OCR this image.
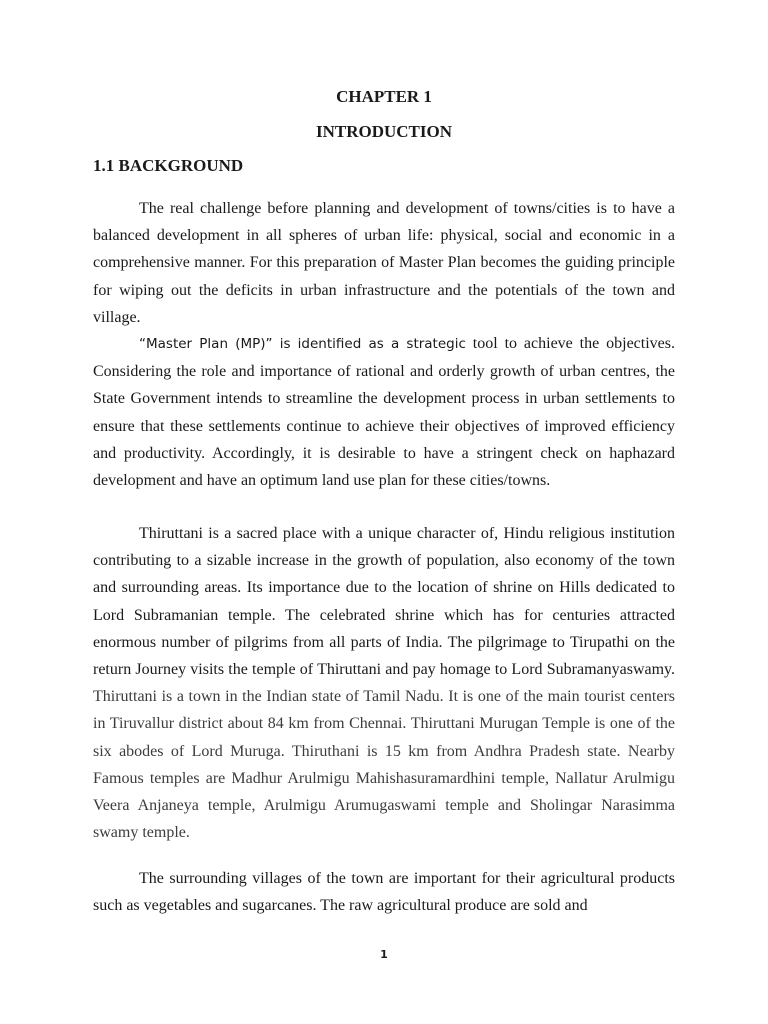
CHAPTER 1
INTRODUCTION
1.1 BACKGROUND

The real challenge before planning and development of towns/cities is to have a balanced development in all spheres of urban life: physical, social and economic in a comprehensive manner. For this preparation of Master Plan becomes the guiding principle for wiping out the deficits in urban infrastructure and the potentials of the town and village.

“Master Plan (MP)” is identified as a strategic tool to achieve the objectives. Considering the role and importance of rational and orderly growth of urban centres, the State Government intends to streamline the development process in urban settlements to ensure that these settlements continue to achieve their objectives of improved efficiency and productivity. Accordingly, it is desirable to have a stringent check on haphazard development and have an optimum land use plan for these cities/towns.

Thiruttani is a sacred place with a unique character of, Hindu religious institution contributing to a sizable increase in the growth of population, also economy of the town and surrounding areas. Its importance due to the location of shrine on Hills dedicated to Lord Subramanian temple. The celebrated shrine which has for centuries attracted enormous number of pilgrims from all parts of India. The pilgrimage to Tirupathi on the return Journey visits the temple of Thiruttani and pay homage to Lord Subramanyaswamy. Thiruttani is a town in the Indian state of Tamil Nadu. It is one of the main tourist centers in Tiruvallur district about 84 km from Chennai. Thiruttani Murugan Temple is one of the six abodes of Lord Muruga. Thiruthani is 15 km from Andhra Pradesh state. Nearby Famous temples are Madhur Arulmigu Mahishasuramardhini temple, Nallatur Arulmigu Veera Anjaneya temple, Arulmigu Arumugaswami temple and Sholingar Narasimma swamy temple.

The surrounding villages of the town are important for their agricultural products such as vegetables and sugarcanes. The raw agricultural produce are sold and

1
